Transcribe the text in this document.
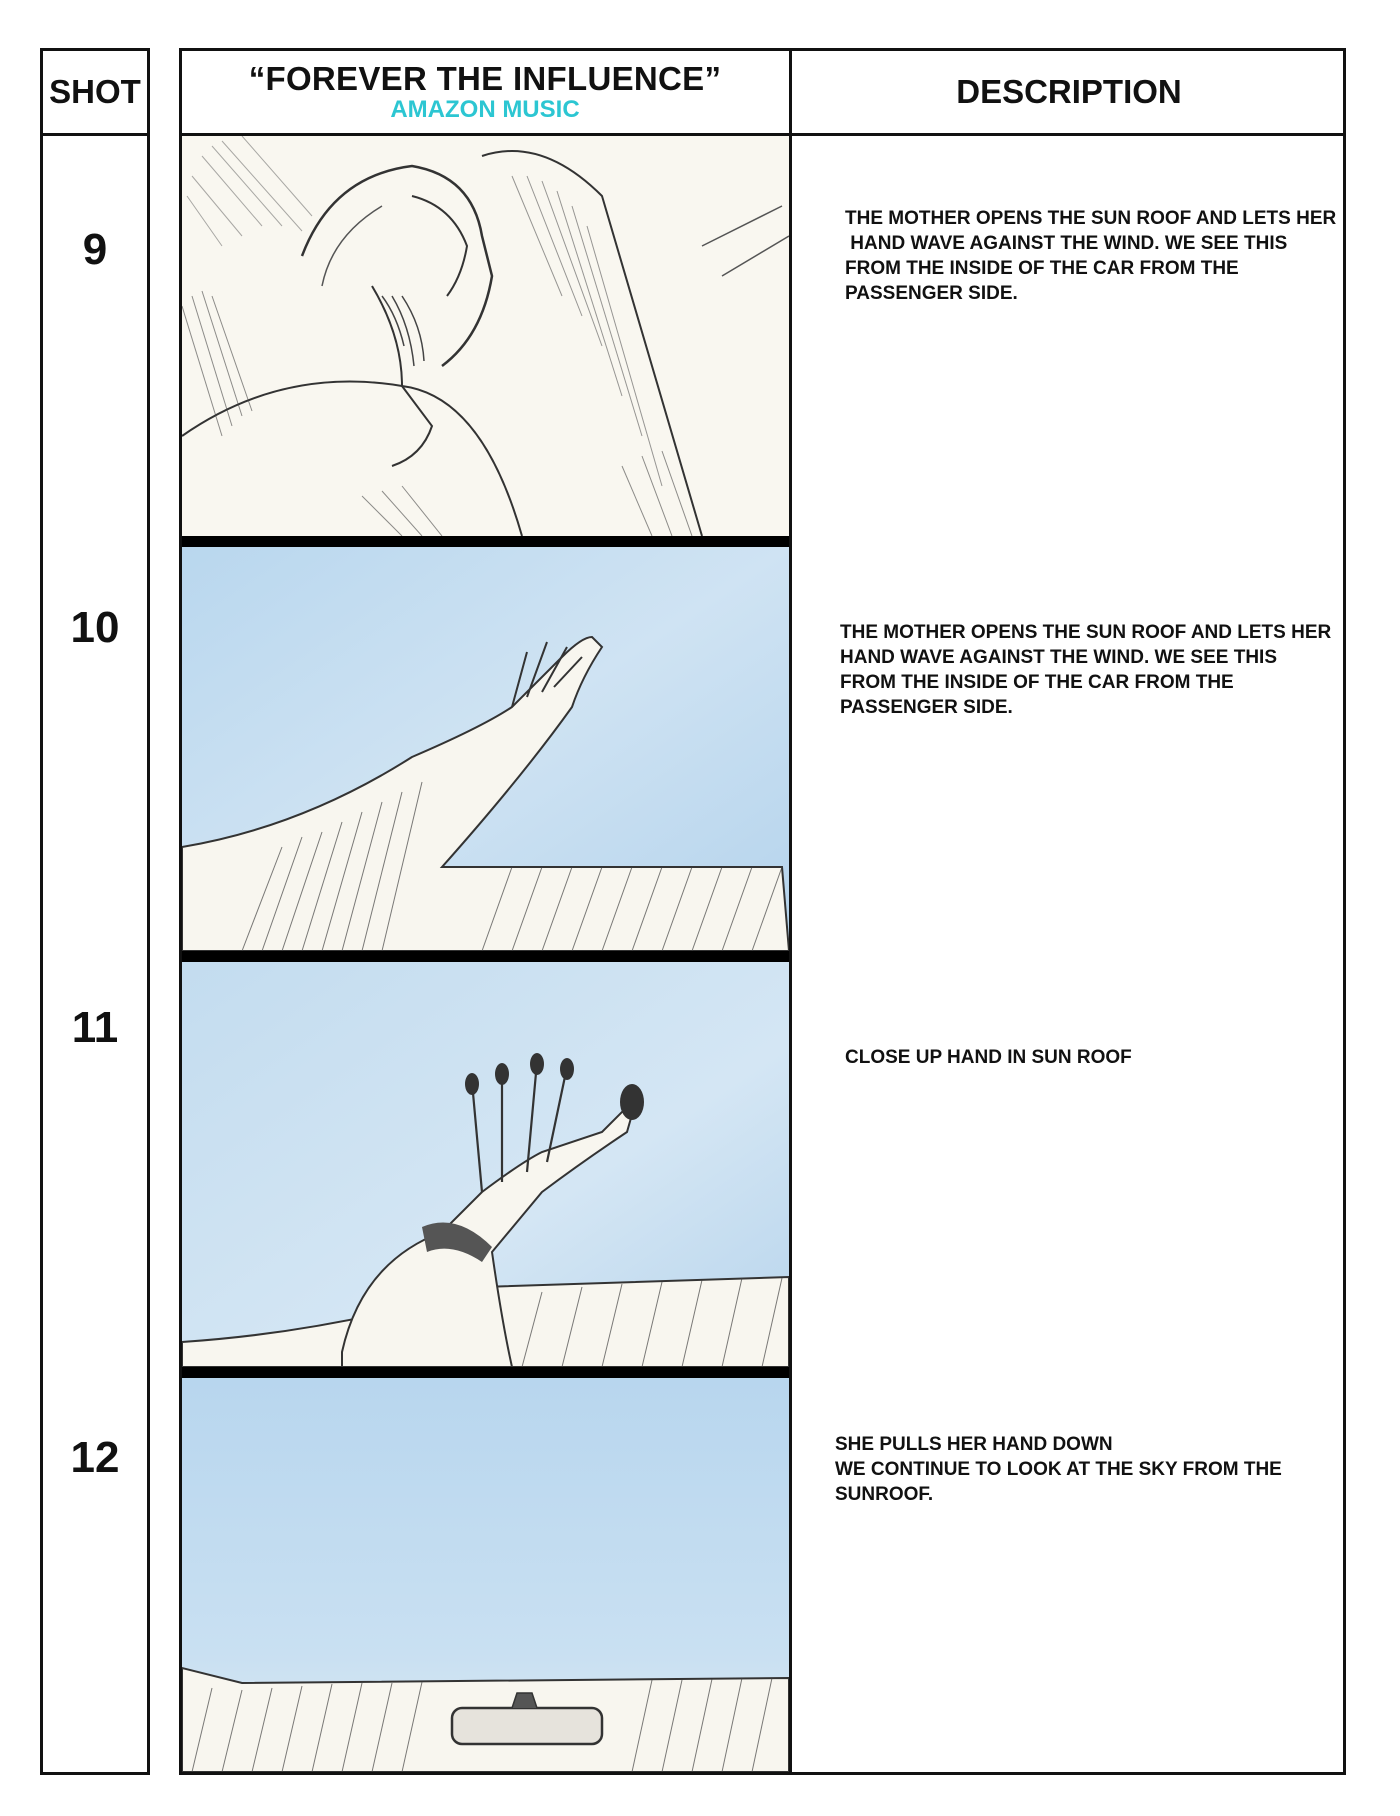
SHOT	“FOREVER THE INFLUENCE”
AMAZON MUSIC	DESCRIPTION
9
10
11
12
THE MOTHER OPENS THE SUN ROOF AND LETS HER
HAND WAVE AGAINST THE WIND. WE SEE THIS
FROM THE INSIDE OF THE CAR FROM THE
PASSENGER SIDE.
THE MOTHER OPENS THE SUN ROOF AND LETS HER
HAND WAVE AGAINST THE WIND. WE SEE THIS
FROM THE INSIDE OF THE CAR FROM THE
PASSENGER SIDE.
CLOSE UP HAND IN SUN ROOF
SHE PULLS HER HAND DOWN
WE CONTINUE TO LOOK AT THE SKY FROM THE
SUNROOF.
